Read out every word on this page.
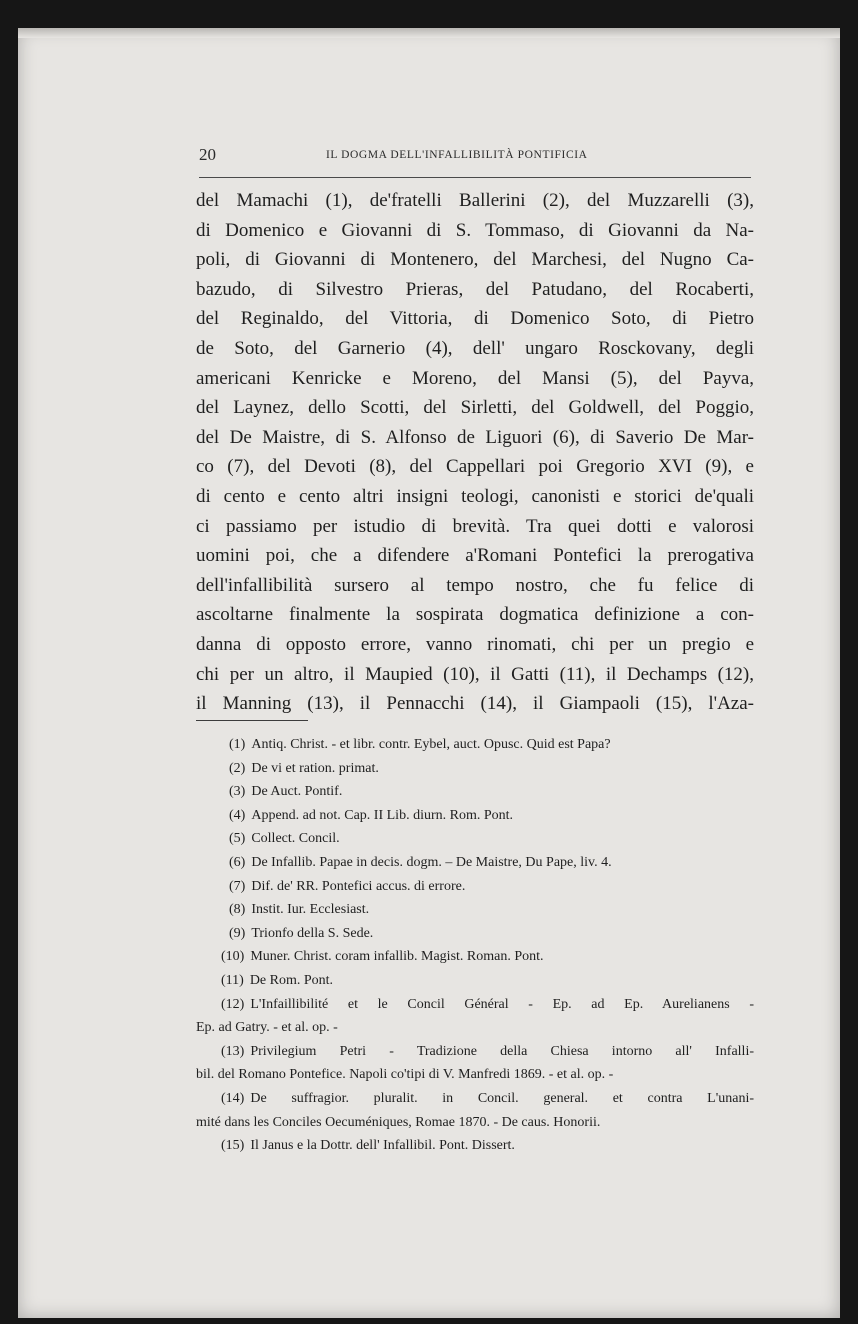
20	IL DOGMA DELL'INFALLIBILITÀ PONTIFICIA
del Mamachi (1), de'fratelli Ballerini (2), del Muzzarelli (3),
di Domenico e Giovanni di S. Tommaso, di Giovanni da Na-
poli, di Giovanni di Montenero, del Marchesi, del Nugno Ca-
bazudo, di Silvestro Prieras, del Patudano, del Rocaberti,
del Reginaldo, del Vittoria, di Domenico Soto, di Pietro
de Soto, del Garnerio (4), dell' ungaro Rosckovany, degli
americani Kenricke e Moreno, del Mansi (5), del Payva,
del Laynez, dello Scotti, del Sirletti, del Goldwell, del Poggio,
del De Maistre, di S. Alfonso de Liguori (6), di Saverio De Mar-
co (7), del Devoti (8), del Cappellari poi Gregorio XVI (9), e
di cento e cento altri insigni teologi, canonisti e storici de'quali
ci passiamo per istudio di brevità. Tra quei dotti e valorosi
uomini poi, che a difendere a'Romani Pontefici la prerogativa
dell'infallibilità sursero al tempo nostro, che fu felice di
ascoltarne finalmente la sospirata dogmatica definizione a con-
danna di opposto errore, vanno rinomati, chi per un pregio e
chi per un altro, il Maupied (10), il Gatti (11), il Dechamps (12),
il Manning (13), il Pennacchi (14), il Giampaoli (15), l'Aza-
(1) Antiq. Christ. - et libr. contr. Eybel, auct. Opusc. Quid est Papa?
(2) De vi et ration. primat.
(3) De Auct. Pontif.
(4) Append. ad not. Cap. II Lib. diurn. Rom. Pont.
(5) Collect. Concil.
(6) De Infallib. Papae in decis. dogm. – De Maistre, Du Pape, liv. 4.
(7) Dif. de' RR. Pontefici accus. di errore.
(8) Instit. Iur. Ecclesiast.
(9) Trionfo della S. Sede.
(10) Muner. Christ. coram infallib. Magist. Roman. Pont.
(11) De Rom. Pont.
(12) L'Infaillibilité et le Concil Général - Ep. ad Ep. Aurelianens -
Ep. ad Gatry. - et al. op. -
(13) Privilegium Petri - Tradizione della Chiesa intorno all' Infalli-
bil. del Romano Pontefice. Napoli co'tipi di V. Manfredi 1869. - et al. op. -
(14) De suffragior. pluralit. in Concil. general. et contra L'unani-
mité dans les Conciles Oecuméniques, Romae 1870. - De caus. Honorii.
(15) Il Janus e la Dottr. dell' Infallibil. Pont. Dissert.
